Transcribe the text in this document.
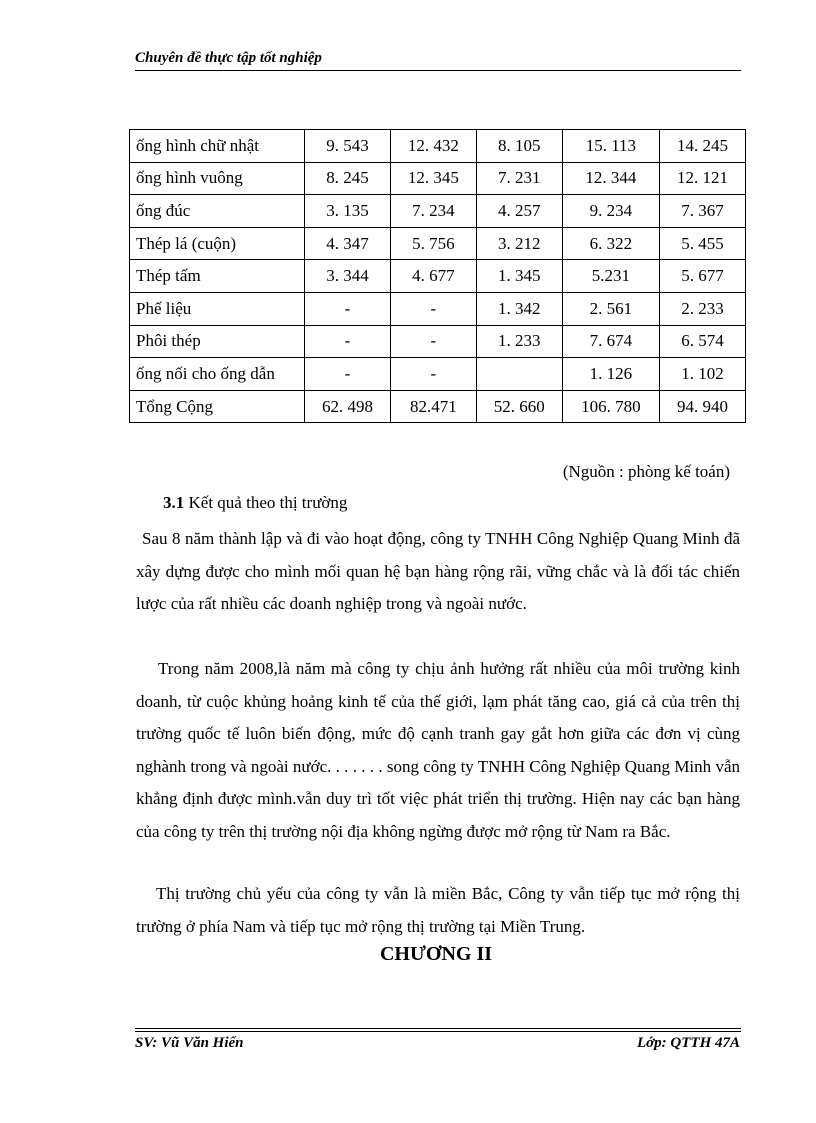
Chuyên đề thực tập tốt nghiệp
ống hình chữ nhật	9. 543	12. 432	8. 105	15. 113	14. 245
ống hình vuông	8. 245	12. 345	7. 231	12. 344	12. 121
ống đúc	3. 135	7. 234	4. 257	9. 234	7. 367
Thép lá (cuộn)	4. 347	5. 756	3. 212	6. 322	5. 455
Thép tấm	3. 344	4. 677	1. 345	5.231	5. 677
Phế liệu	-	-	1. 342	2. 561	2. 233
Phôi thép	-	-	1. 233	7. 674	6. 574
ống nối cho ống dẫn	-	-		1. 126	1. 102
Tổng Cộng	62. 498	82.471	52. 660	106. 780	94. 940
(Nguồn : phòng kế toán)
3.1 Kết quả theo thị trường
Sau 8 năm thành lập và đi vào hoạt động, công ty TNHH Công Nghiệp Quang Minh đã xây dựng được cho mình mối quan hệ bạn hàng rộng rãi, vững chắc và là đối tác chiến lược của rất nhiều các doanh nghiệp trong và ngoài nước.
Trong năm 2008,là năm mà công ty chịu ảnh hưởng rất nhiều của môi trường kinh doanh, từ cuộc khủng hoảng kinh tế của thế giới, lạm phát tăng cao, giá cả của trên thị trường quốc tế luôn biến động, mức độ cạnh tranh gay gắt hơn giữa các đơn vị cùng nghành trong và ngoài nước. . . . . . . song công ty TNHH Công Nghiệp Quang Minh vẫn khẳng định được mình.vẫn duy trì tốt việc phát triển thị trường. Hiện nay các bạn hàng của công ty trên thị trường nội địa không ngừng được mở rộng từ Nam ra Bắc.
Thị trường chủ yếu của công ty vẫn là miền Bắc, Công ty vẫn tiếp tục mở rộng thị trường ở phía Nam và tiếp tục mở rộng thị trường tại Miền Trung.
CHƯƠNG II
SV: Vũ Văn Hiển	Lớp: QTTH 47A
